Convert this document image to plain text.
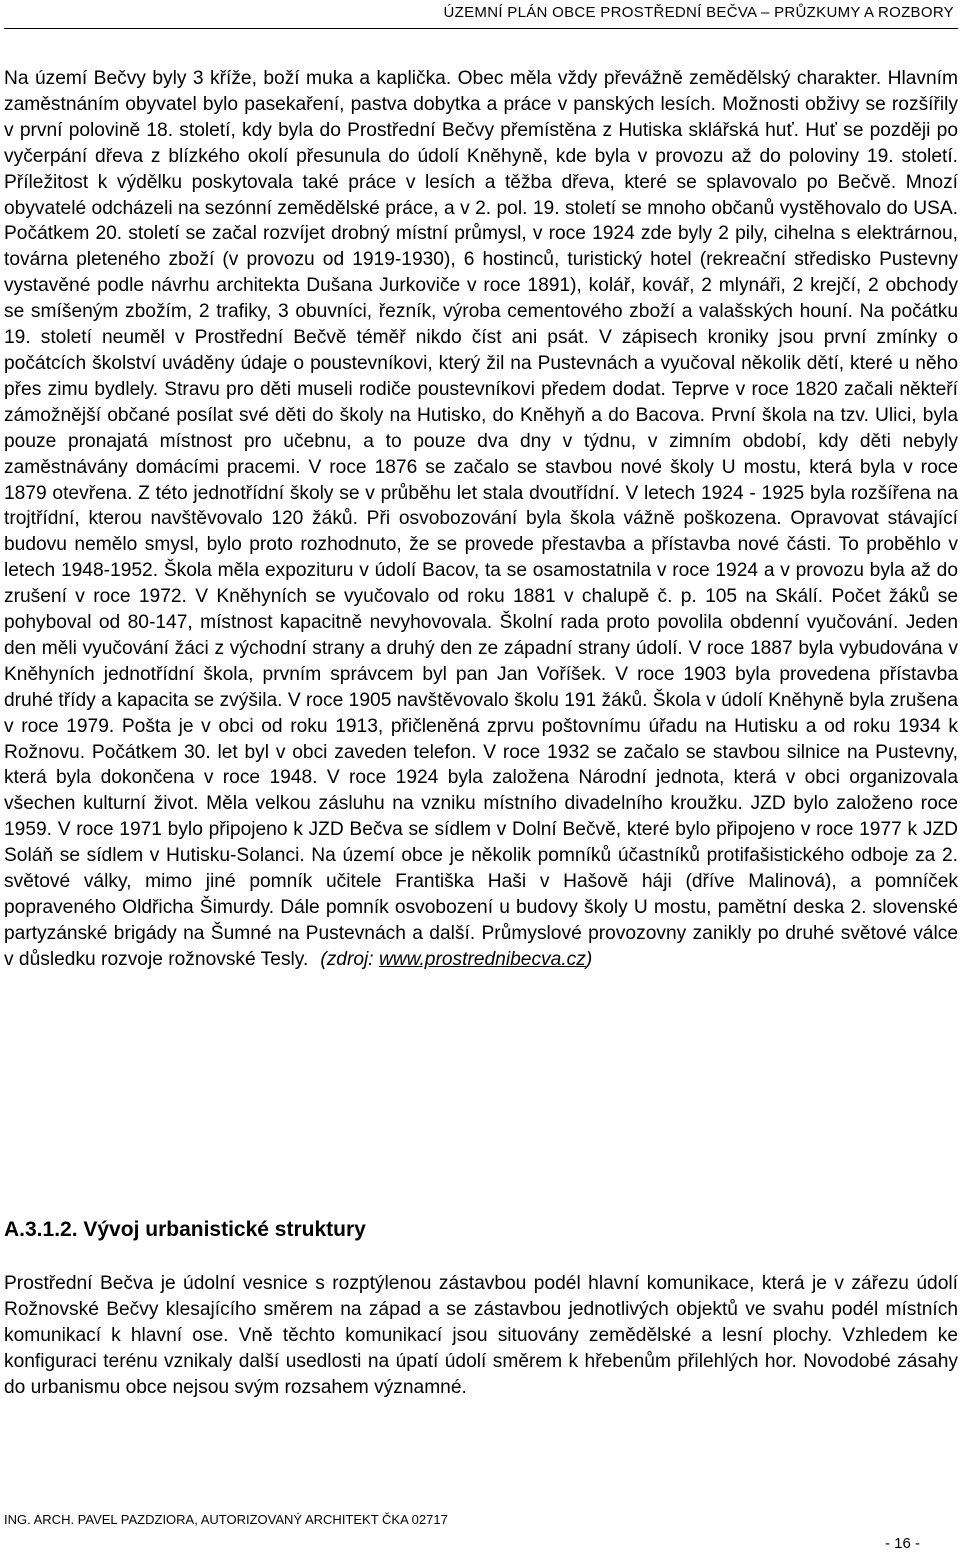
ÚZEMNÍ PLÁN OBCE PROSTŘEDNÍ BEČVA – PRŮZKUMY A ROZBORY

Na území Bečvy byly 3 kříže, boží muka a kaplička. Obec měla vždy převážně zemědělský charakter. Hlavním zaměstnáním obyvatel bylo pasekaření, pastva dobytka a práce v panských lesích. Možnosti obživy se rozšířily v první polovině 18. století, kdy byla do Prostřední Bečvy přemístěna z Hutiska sklářská huť. Huť se později po vyčerpání dřeva z blízkého okolí přesunula do údolí Kněhyně, kde byla v provozu až do poloviny 19. století. Příležitost k výdělku poskytovala také práce v lesích a těžba dřeva, které se splavovalo po Bečvě. Mnozí obyvatelé odcházeli na sezónní zemědělské práce, a v 2. pol. 19. století se mnoho občanů vystěhovalo do USA. Počátkem 20. století se začal rozvíjet drobný místní průmysl, v roce 1924 zde byly 2 pily, cihelna s elektrárnou, továrna pleteného zboží (v provozu od 1919-1930), 6 hostinců, turistický hotel (rekreační středisko Pustevny vystavěné podle návrhu architekta Dušana Jurkoviče v roce 1891), kolář, kovář, 2 mlynáři, 2 krejčí, 2 obchody se smíšeným zbožím, 2 trafiky, 3 obuvníci, řezník, výroba cementového zboží a valašských houní. Na počátku 19. století neuměl v Prostřední Bečvě téměř nikdo číst ani psát. V zápisech kroniky jsou první zmínky o počátcích školství uváděny údaje o poustevníkovi, který žil na Pustevnách a vyučoval několik dětí, které u něho přes zimu bydlely. Stravu pro děti museli rodiče poustevníkovi předem dodat. Teprve v roce 1820 začali někteří zámožnější občané posílat své děti do školy na Hutisko, do Kněhyň a do Bacova. První škola na tzv. Ulici, byla pouze pronajatá místnost pro učebnu, a to pouze dva dny v týdnu, v zimním období, kdy děti nebyly zaměstnávány domácími pracemi. V roce 1876 se začalo se stavbou nové školy U mostu, která byla v roce 1879 otevřena. Z této jednotřídní školy se v průběhu let stala dvoutřídní. V letech 1924 - 1925 byla rozšířena na trojtřídní, kterou navštěvovalo 120 žáků. Při osvobozování byla škola vážně poškozena. Opravovat stávající budovu nemělo smysl, bylo proto rozhodnuto, že se provede přestavba a přístavba nové části. To proběhlo v letech 1948-1952. Škola měla expozituru v údolí Bacov, ta se osamostatnila v roce 1924 a v provozu byla až do zrušení v roce 1972. V Kněhyních se vyučovalo od roku 1881 v chalupě č. p. 105 na Skálí. Počet žáků se pohyboval od 80-147, místnost kapacitně nevyhovovala. Školní rada proto povolila obdenní vyučování. Jeden den měli vyučování žáci z východní strany a druhý den ze západní strany údolí. V roce 1887 byla vybudována v Kněhyních jednotřídní škola, prvním správcem byl pan Jan Voříšek. V roce 1903 byla provedena přístavba druhé třídy a kapacita se zvýšila. V roce 1905 navštěvovalo školu 191 žáků. Škola v údolí Kněhyně byla zrušena v roce 1979. Pošta je v obci od roku 1913, přičleněná zprvu poštovnímu úřadu na Hutisku a od roku 1934 k Rožnovu. Počátkem 30. let byl v obci zaveden telefon. V roce 1932 se začalo se stavbou silnice na Pustevny, která byla dokončena v roce 1948. V roce 1924 byla založena Národní jednota, která v obci organizovala všechen kulturní život. Měla velkou zásluhu na vzniku místního divadelního kroužku. JZD bylo založeno roce 1959. V roce 1971 bylo připojeno k JZD Bečva se sídlem v Dolní Bečvě, které bylo připojeno v roce 1977 k JZD Soláň se sídlem v Hutisku-Solanci. Na území obce je několik pomníků účastníků protifašistického odboje za 2. světové války, mimo jiné pomník učitele Františka Haši v Hašově háji (dříve Malinová), a pomníček popraveného Oldřicha Šimurdy. Dále pomník osvobození u budovy školy U mostu, pamětní deska 2. slovenské partyzánské brigády na Šumné na Pustevnách a další. Průmyslové provozovny zanikly po druhé světové válce v důsledku rozvoje rožnovské Tesly. (zdroj: www.prostrednibecva.cz)

A.3.1.2. Vývoj urbanistické struktury

Prostřední Bečva je údolní vesnice s rozptýlenou zástavbou podél hlavní komunikace, která je v zářezu údolí Rožnovské Bečvy klesajícího směrem na západ a se zástavbou jednotlivých objektů ve svahu podél místních komunikací k hlavní ose. Vně těchto komunikací jsou situovány zemědělské a lesní plochy. Vzhledem ke konfiguraci terénu vznikaly další usedlosti na úpatí údolí směrem k hřebenům přilehlých hor. Novodobé zásahy do urbanismu obce nejsou svým rozsahem významné.

ING. ARCH. PAVEL PAZDZIORA, AUTORIZOVANÝ ARCHITEKT ČKA 02717
- 16 -
